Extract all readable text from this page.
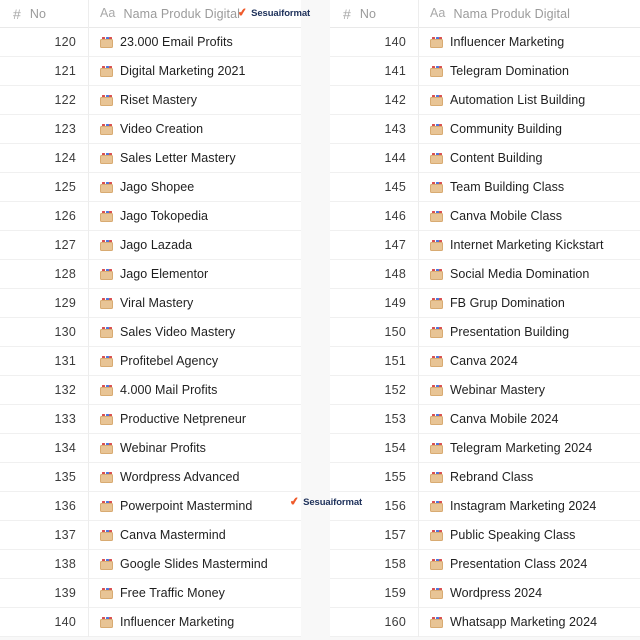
# No	Aa Nama Produk Digital
120	23.000 Email Profits
121	Digital Marketing 2021
122	Riset Mastery
123	Video Creation
124	Sales Letter Mastery
125	Jago Shopee
126	Jago Tokopedia
127	Jago Lazada
128	Jago Elementor
129	Viral Mastery
130	Sales Video Mastery
131	Profitebel Agency
132	4.000 Mail Profits
133	Productive Netpreneur
134	Webinar Profits
135	Wordpress Advanced
136	Powerpoint Mastermind
137	Canva Mastermind
138	Google Slides Mastermind
139	Free Traffic Money
140	Influencer Marketing
# No	Aa Nama Produk Digital
140	Influencer Marketing
141	Telegram Domination
142	Automation List Building
143	Community Building
144	Content Building
145	Team Building Class
146	Canva Mobile Class
147	Internet Marketing Kickstart
148	Social Media Domination
149	FB Grup Domination
150	Presentation Building
151	Canva 2024
152	Webinar Mastery
153	Canva Mobile 2024
154	Telegram Marketing 2024
155	Rebrand Class
156	Instagram Marketing 2024
157	Public Speaking Class
158	Presentation Class 2024
159	Wordpress 2024
160	Whatsapp Marketing 2024
✔ Sesuaiformat
✔ Sesuaiformat
